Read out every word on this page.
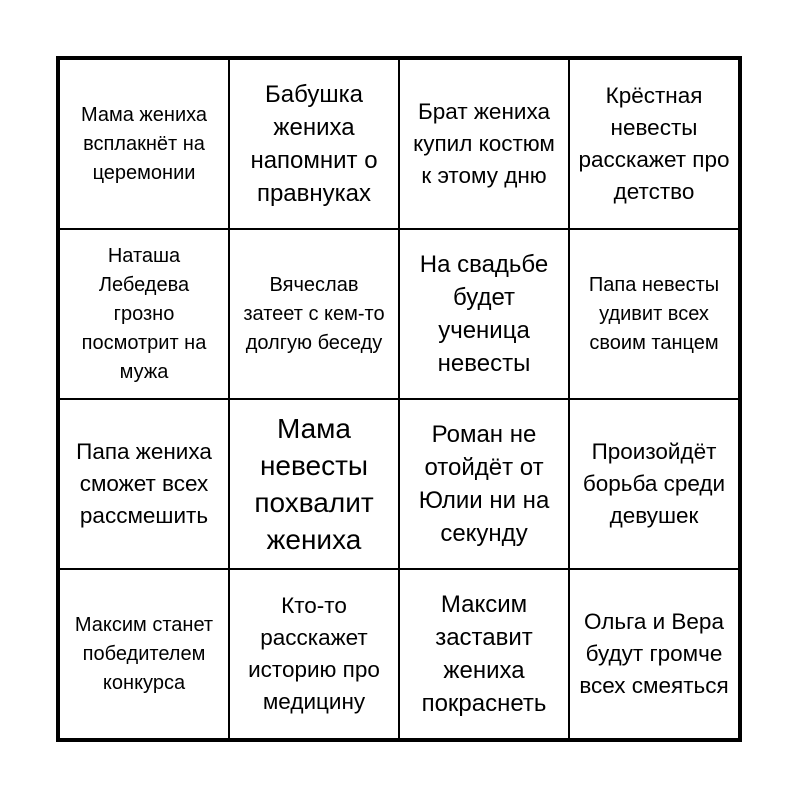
Мама жениха всплакнёт на церемонии
Бабушка жениха напомнит о правнуках
Брат жениха купил костюм к этому дню
Крёстная невесты расскажет про детство
Наташа Лебедева грозно посмотрит на мужа
Вячеслав затеет с кем-то долгую беседу
На свадьбе будет ученица невесты
Папа невесты удивит всех своим танцем
Папа жениха сможет всех рассмешить
Мама невесты похвалит жениха
Роман не отойдёт от Юлии ни на секунду
Произойдёт борьба среди девушек
Максим станет победителем конкурса
Кто-то расскажет историю про медицину
Максим заставит жениха покраснеть
Ольга и Вера будут громче всех смеяться
